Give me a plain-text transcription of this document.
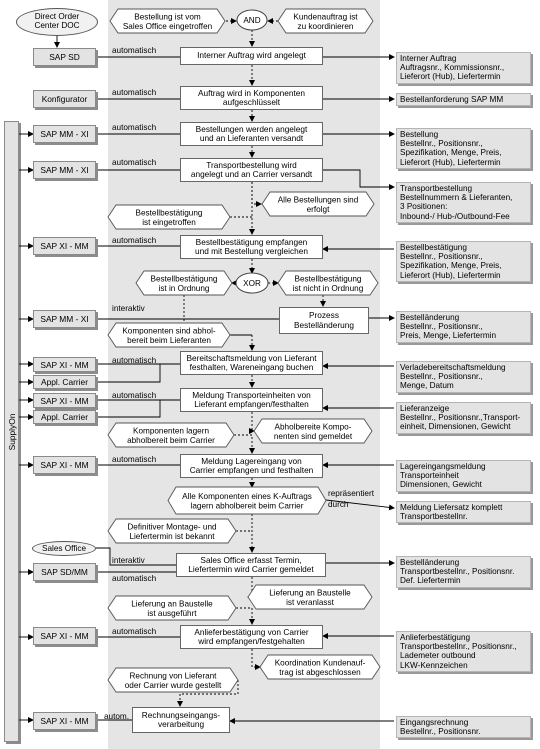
SupplyOn
Direct Order Center DOC
Sales Office
Bestellung ist vom
Sales Office eingetroffen
Kundenauftrag ist
zu koordinieren
Alle Bestellungen sind
erfolgt
Bestellbestätigung
ist eingetroffen
Bestellbestätigung
ist in Ordnung
Bestellbestätigung
ist nicht in Ordnung
Komponenten sind abhol-
bereit beim Lieferanten
Abholbereite Kompo-
nenten sind gemeldet
Komponenten lagern
abholbereit beim Carrier
Alle Komponenten eines K-Auftrags
lagern abholbereit beim Carrier
Definitiver Montage- und
Liefertermin ist bekannt
Lieferung an Baustelle
ist veranlasst
Lieferung an Baustelle
ist ausgeführt
Koordination Kundenauf-
trag ist abgeschlossen
Rechnung von Lieferant
oder Carrier wurde gestellt
AND
XOR
SAP SD
Konfigurator
SAP MM - XI
SAP MM - XI
SAP XI - MM
SAP MM - XI
SAP XI - MM
Appl. Carrier
SAP XI - MM
Appl. Carrier
SAP XI - MM
SAP SD/MM
SAP XI - MM
SAP XI - MM
automatisch
automatisch
automatisch
automatisch
automatisch
interaktiv
automatisch
automatisch
automatisch
interaktiv
automatisch
automatisch
autom.
Interner Auftrag wird angelegt
Auftrag wird in Komponenten
aufgeschlüsselt
Bestellungen werden angelegt
und an Lieferanten versandt
Transportbestellung wird
angelegt und an Carrier versandt
Bestellbestätigung empfangen
und mit Bestellung vergleichen
Prozess
Bestelländerung
Bereitschaftsmeldung von Lieferant
festhalten, Wareneingang buchen
Meldung Transporteinheiten von
Lieferant empfangen/festhalten
Meldung Lagereingang von
Carrier empfangen und festhalten
Sales Office erfasst Termin,
Liefertermin wird Carrier gemeldet
Anlieferbestätigung von Carrier
wird empfangen/festgehalten
Rechnungseingangs-
verarbeitung
repräsentiert
durch
Interner Auftrag
Auftragsnr., Kommissionsnr.,
Lieferort (Hub), Liefertermin
Bestellanforderung SAP MM
Bestellung
Bestellnr., Positionsnr.,
Spezifikation, Menge, Preis,
Lieferort (Hub), Liefertermin
Transportbestellung
Bestellnummern & Lieferanten,
3 Positionen:
Inbound-/ Hub-/Outbound-Fee
Bestellbestätigung
Bestellnr., Positionsnr.,
Spezifikation, Menge, Preis,
Lieferort (Hub), Liefertermin
Bestelländerung
Bestellnr., Positionsnr.,
Preis, Menge, Liefertermin
Verladebereitschaftsmeldung
Bestellnr., Positionsnr.,
Menge, Datum
Lieferanzeige
Bestellnr., Positionsnr.,Transport-
einheit, Dimensionen, Gewicht
Lagereingangsmeldung
Transporteinheit
Dimensionen, Gewicht
Meldung Liefersatz komplett
Transportbestellnr.
Bestelländerung
Transportbestellnr., Positionsnr.
Def. Liefertermin
Anlieferbestätigung
Transportbestellnr., Positionsnr.,
Lademeter outbound
LKW-Kennzeichen
Eingangsrechnung
Bestellnr., Positionsnr.
